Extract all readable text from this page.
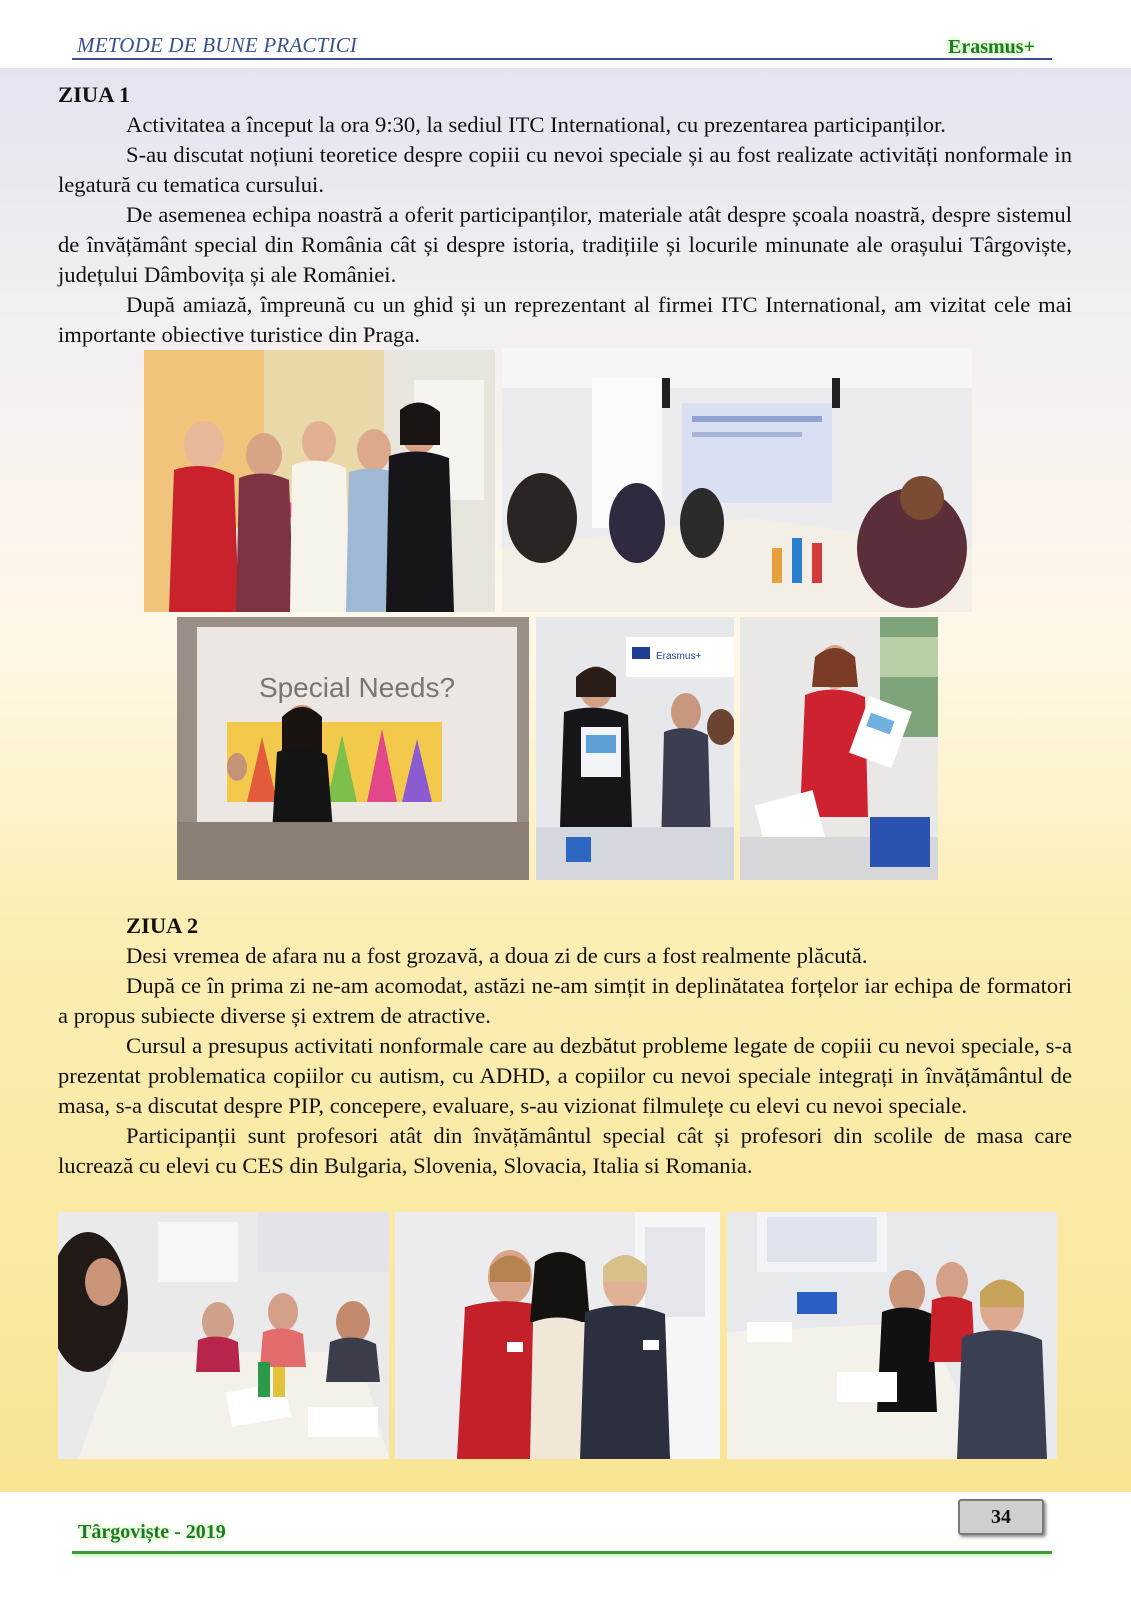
METODE DE BUNE PRACTICI	Erasmus+
ZIUA 1

Activitatea a început la ora 9:30, la sediul ITC International, cu prezentarea participanților.

S-au discutat noțiuni teoretice despre copiii cu nevoi speciale și au fost realizate activități nonformale in legatură cu tematica cursului.

De asemenea echipa noastră a oferit participanților, materiale atât despre școala noastră, despre sistemul de învățământ special din România cât și despre istoria, tradițiile și locurile minunate ale orașului Târgoviște, județului Dâmbovița și ale României.

După amiază, împreună cu un ghid și un reprezentant al firmei ITC International, am vizitat cele mai importante obiective turistice din Praga.

Special Needs?
Erasmus+
ZIUA 2

Desi vremea de afara nu a fost grozavă, a doua zi de curs a fost realmente plăcută.

După ce în prima zi ne-am acomodat, astăzi ne-am simțit in deplinătatea forțelor iar echipa de formatori a propus subiecte diverse și extrem de atractive.

Cursul a presupus activitati nonformale care au dezbătut probleme legate de copiii cu nevoi speciale, s-a prezentat problematica copiilor cu autism, cu ADHD, a copiilor cu nevoi speciale integrați in învățământul de masa, s-a discutat despre PIP, concepere, evaluare, s-au vizionat filmulețe cu elevi cu nevoi speciale.

Participanții sunt profesori atât din învățământul special cât și profesori din scolile de masa care lucrează cu elevi cu CES din Bulgaria, Slovenia, Slovacia, Italia si Romania.

34
Târgoviște - 2019
